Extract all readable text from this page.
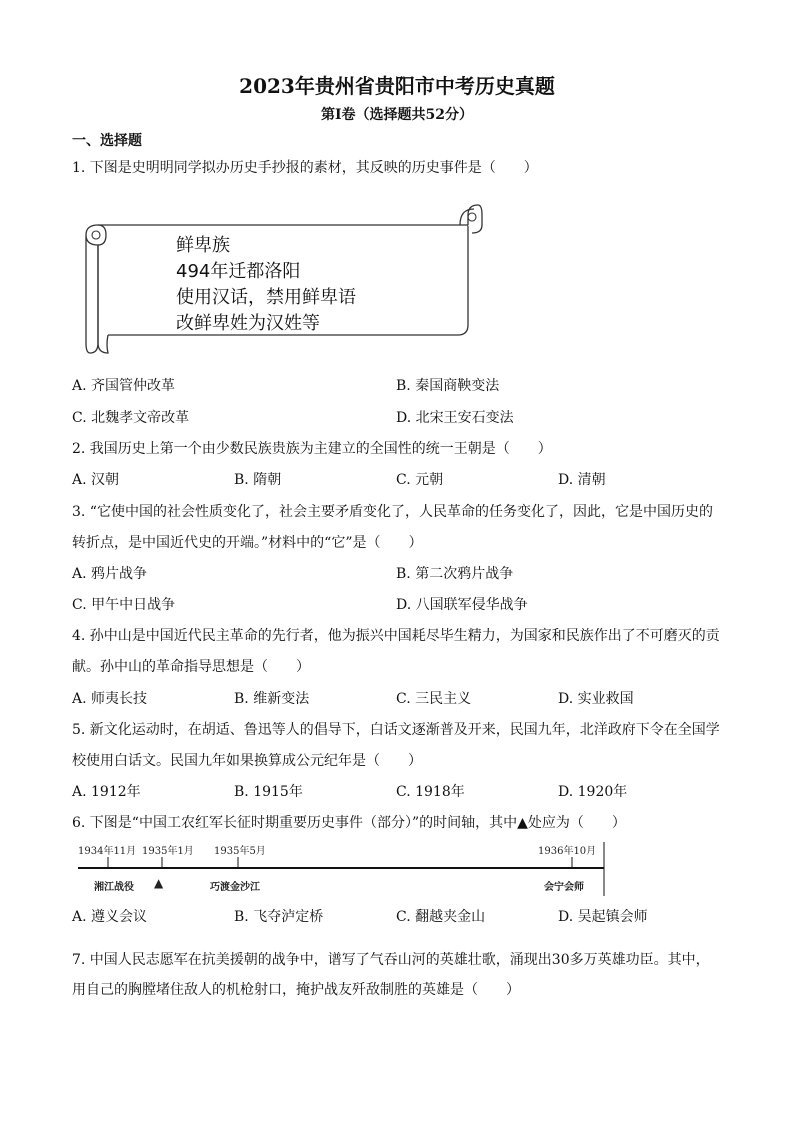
2023年贵州省贵阳市中考历史真题
第Ⅰ卷（选择题共52分）
一、选择题
1. 下图是史明明同学拟办历史手抄报的素材，其反映的历史事件是（　　）
鲜卑族
494年迁都洛阳
使用汉话，禁用鲜卑语
改鲜卑姓为汉姓等
A. 齐国管仲改革	B. 秦国商鞅变法
C. 北魏孝文帝改革	D. 北宋王安石变法
2. 我国历史上第一个由少数民族贵族为主建立的全国性的统一王朝是（　　）
A. 汉朝	B. 隋朝	C. 元朝	D. 清朝
3. “它使中国的社会性质变化了，社会主要矛盾变化了，人民革命的任务变化了，因此，它是中国历史的
转折点，是中国近代史的开端。”材料中的“它”是（　　）
A. 鸦片战争	B. 第二次鸦片战争
C. 甲午中日战争	D. 八国联军侵华战争
4. 孙中山是中国近代民主革命的先行者，他为振兴中国耗尽毕生精力，为国家和民族作出了不可磨灭的贡
献。孙中山的革命指导思想是（　　）
A. 师夷长技	B. 维新变法	C. 三民主义	D. 实业救国
5. 新文化运动时，在胡适、鲁迅等人的倡导下，白话文逐渐普及开来，民国九年，北洋政府下令在全国学
校使用白话文。民国九年如果换算成公元纪年是（　　）
A. 1912年	B. 1915年	C. 1918年	D. 1920年
6. 下图是“中国工农红军长征时期重要历史事件（部分）”的时间轴，其中▲处应为（　　）
1934年11月 1935年1月 1935年5月	1936年10月
湘江战役 ▲	巧渡金沙江	会宁会师
A. 遵义会议	B. 飞夺泸定桥	C. 翻越夹金山	D. 吴起镇会师
7. 中国人民志愿军在抗美援朝的战争中，谱写了气吞山河的英雄壮歌，涌现出30多万英雄功臣。其中，
用自己的胸膛堵住敌人的机枪射口，掩护战友歼敌制胜的英雄是（　　）
